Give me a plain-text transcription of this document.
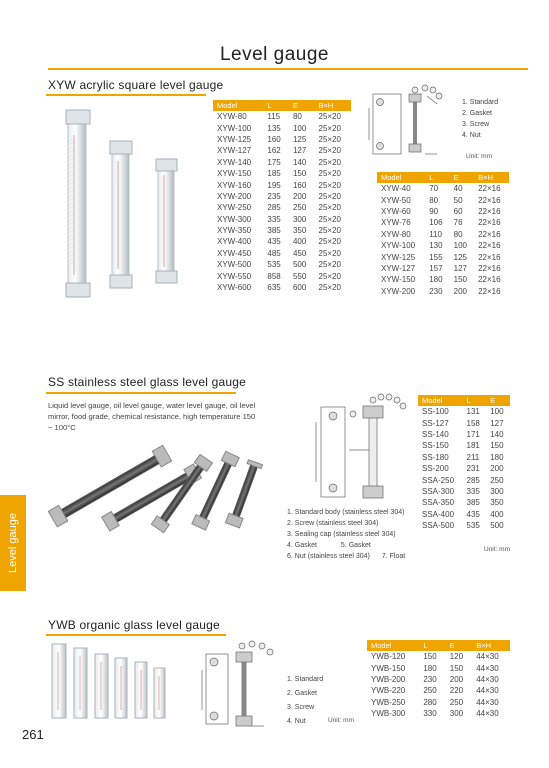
Level gauge
XYW acrylic square level gauge
Model	L	E	B×H
XYW-80	115	80	25×20
XYW-100	135	100	25×20
XYW-125	160	125	25×20
XYW-127	162	127	25×20
XYW-140	175	140	25×20
XYW-150	185	150	25×20
XYW-160	195	160	25×20
XYW-200	235	200	25×20
XYW-250	285	250	25×20
XYW-300	335	300	25×20
XYW-350	385	350	25×20
XYW-400	435	400	25×20
XYW-450	485	450	25×20
XYW-500	535	500	25×20
XYW-550	858	550	25×20
XYW-600	635	600	25×20
1. Standard
2. Gasket
3. Screw
4. Nut
Unit: mm
Model	L	E	B×H
XYW-40	70	40	22×16
XYW-50	80	50	22×16
XYW-60	90	60	22×16
XYW-76	106	76	22×16
XYW-80	110	80	22×16
XYW-100	130	100	22×16
XYW-125	155	125	22×16
XYW-127	157	127	22×16
XYW-150	180	150	22×16
XYW-200	230	200	22×16
SS stainless steel glass level gauge
Liquid level gauge, oil level gauge, water level gauge, oil level mirror, food grade, chemical resistance, high temperature 150 ~ 100°C
1. Standard body (stainless steel 304)
2. Screw (stainless steel 304)
3. Sealing cap (stainless steel 304)
4. Gasket	5. Gasket
6. Nut (stainless steel 304) 7. Float
Model	L	E
SS-100	131	100
SS-127	158	127
SS-140	171	140
SS-150	181	150
SS-180	211	180
SS-200	231	200
SSA-250	285	250
SSA-300	335	300
SSA-350	385	350
SSA-400	435	400
SSA-500	535	500
Unit: mm
Level gauge
YWB organic glass level gauge
1. Standard
2. Gasket
3. Screw
4. Nut	Unit: mm
Model	L	E	B×H
YWB-120	150	120	44×30
YWB-150	180	150	44×30
YWB-200	230	200	44×30
YWB-220	250	220	44×30
YWB-250	280	250	44×30
YWB-300	330	300	44×30
261
